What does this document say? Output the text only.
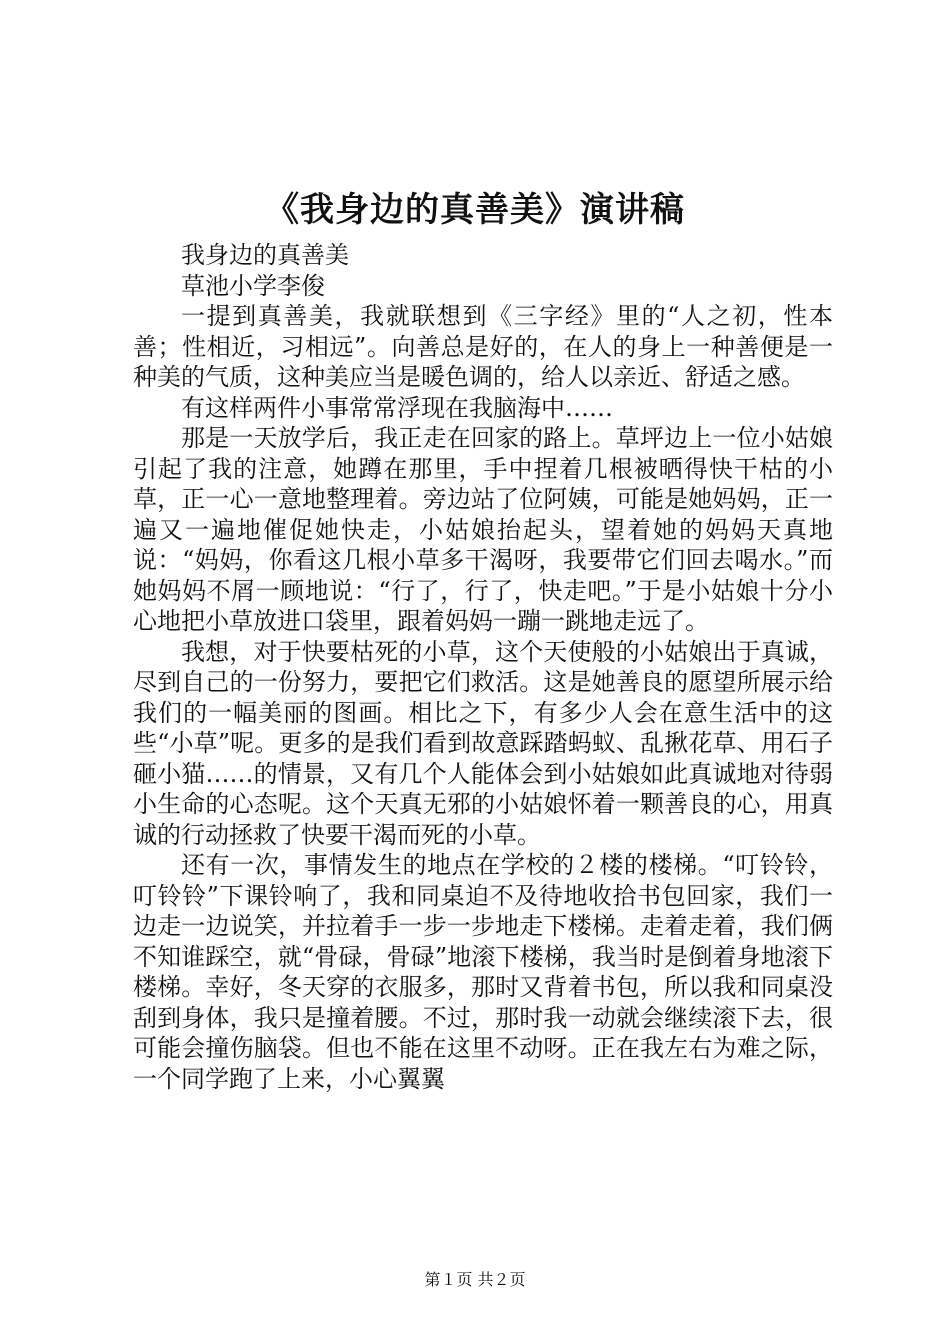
《我身边的真善美》演讲稿

我身边的真善美

草池小学李俊

一提到真善美，我就联想到《三字经》里的“人之初，性本善；性相近，习相远”。向善总是好的，在人的身上一种善便是一种美的气质，这种美应当是暖色调的，给人以亲近、舒适之感。

有这样两件小事常常浮现在我脑海中……

那是一天放学后，我正走在回家的路上。草坪边上一位小姑娘引起了我的注意，她蹲在那里，手中捏着几根被晒得快干枯的小草，正一心一意地整理着。旁边站了位阿姨，可能是她妈妈，正一遍又一遍地催促她快走，小姑娘抬起头，望着她的妈妈天真地说：“妈妈，你看这几根小草多干渴呀，我要带它们回去喝水。”而她妈妈不屑一顾地说：“行了，行了，快走吧。”于是小姑娘十分小心地把小草放进口袋里，跟着妈妈一蹦一跳地走远了。

我想，对于快要枯死的小草，这个天使般的小姑娘出于真诚，尽到自己的一份努力，要把它们救活。这是她善良的愿望所展示给我们的一幅美丽的图画。相比之下，有多少人会在意生活中的这些“小草”呢。更多的是我们看到故意踩踏蚂蚁、乱揪花草、用石子砸小猫……的情景，又有几个人能体会到小姑娘如此真诚地对待弱小生命的心态呢。这个天真无邪的小姑娘怀着一颗善良的心，用真诚的行动拯救了快要干渴而死的小草。

还有一次，事情发生的地点在学校的２楼的楼梯。“叮铃铃，叮铃铃”下课铃响了，我和同桌迫不及待地收拾书包回家，我们一边走一边说笑，并拉着手一步一步地走下楼梯。走着走着，我们俩不知谁踩空，就“骨碌，骨碌”地滚下楼梯，我当时是倒着身地滚下楼梯。幸好，冬天穿的衣服多，那时又背着书包，所以我和同桌没刮到身体，我只是撞着腰。不过，那时我一动就会继续滚下去，很可能会撞伤脑袋。但也不能在这里不动呀。正在我左右为难之际，一个同学跑了上来，小心翼翼

第１页 共２页
